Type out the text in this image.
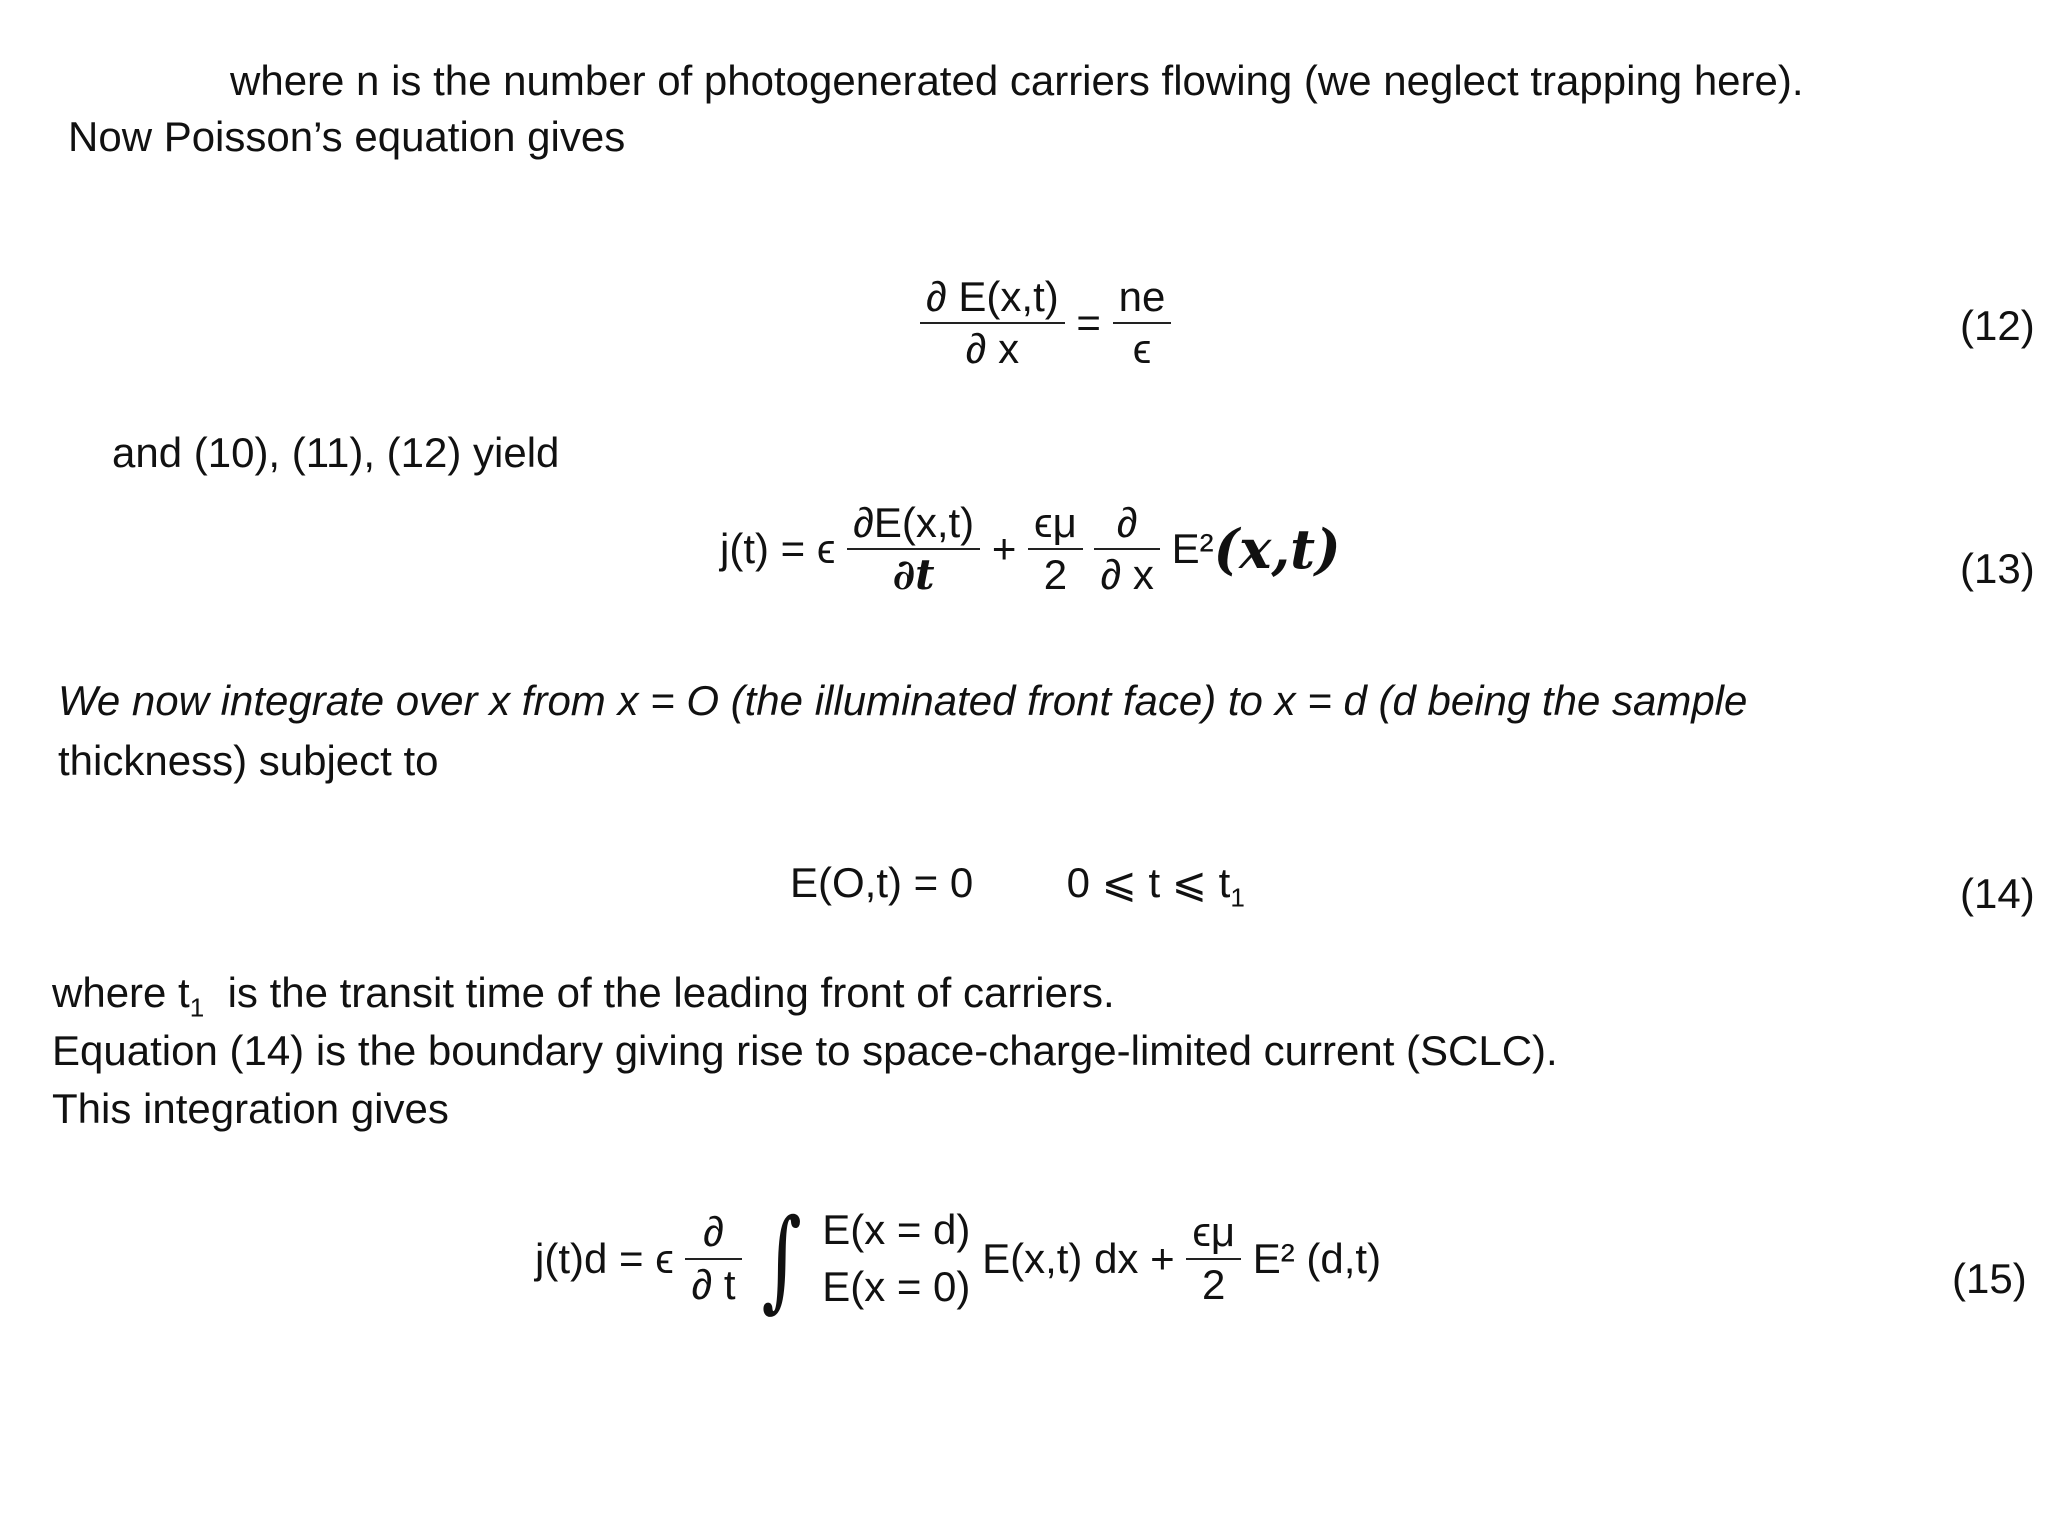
where n is the number of photogenerated carriers flowing (we neglect trapping here).
Now Poisson’s equation gives
$\frac{\partial E(x,t)}{\partial x} = \frac{ne}{\epsilon}$	(12)
and (10), (11), (12) yield
j(t) = ϵ $\frac{\partial E(x,t)}{\partial t} + \frac{\epsilon\mu}{2}$
$\frac{\partial}{\partial x} E^2(x,t)$	(13)
We now integrate over x from x = O (the illuminated front face) to x = d (d being the sample
thickness) subject to
E(O,t) = 0 0 ⩽ t ⩽ $t_1$	(14)
where $t_1$ is the transit time of the leading front of carriers.
Equation (14) is the boundary giving rise to space-charge-limited current (SCLC).
This integration gives
j(t)d = ϵ $\frac{\partial}{\partial t}$ ∫ E(x = d)
E(x = 0)
E(x,t) dx + $\frac{\epsilon\mu}{2} E^2$ (d,t)	(15)
